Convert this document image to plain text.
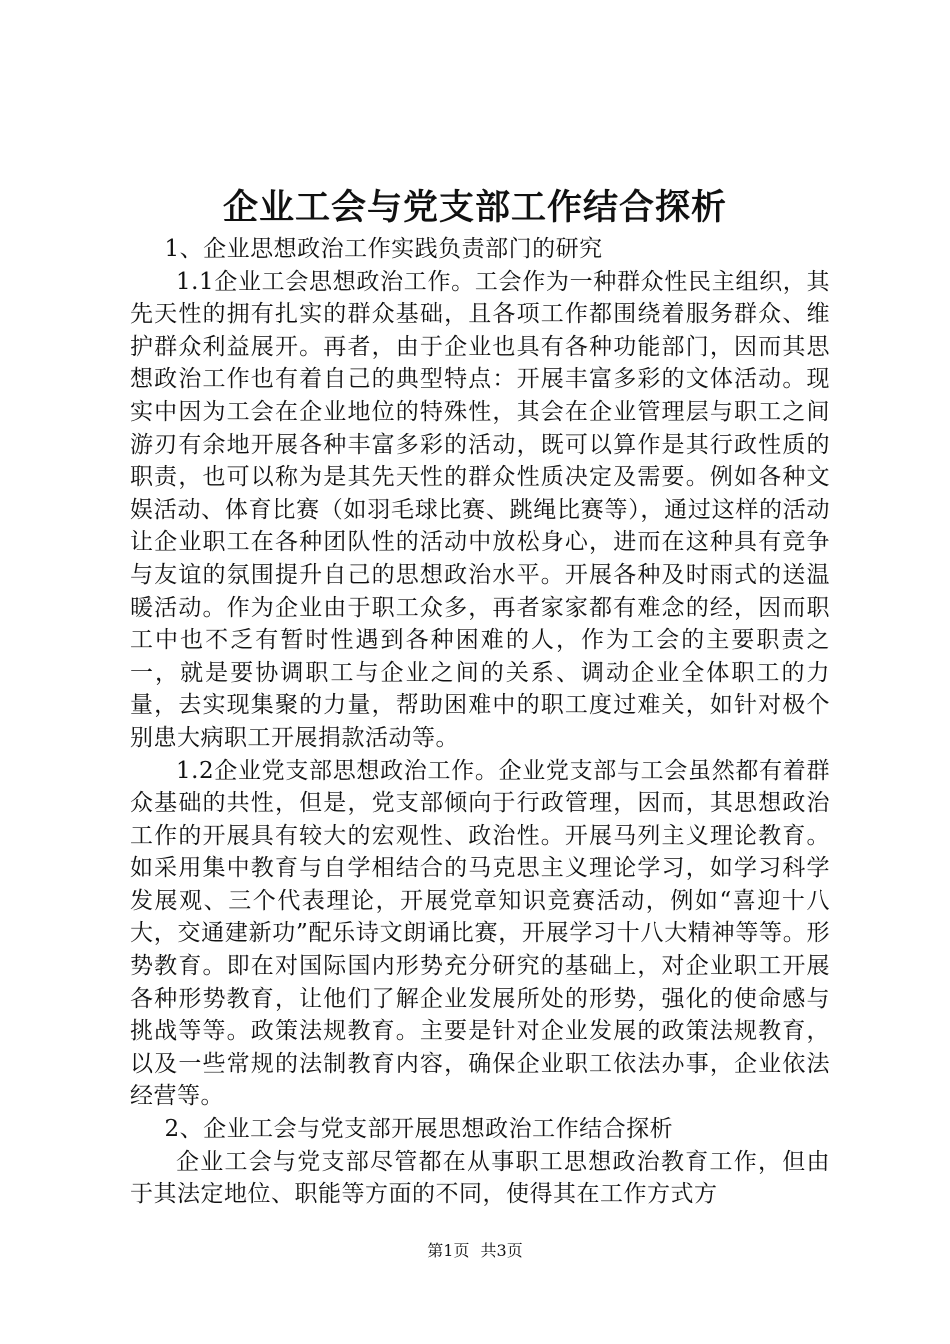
企业工会与党支部工作结合探析

1、企业思想政治工作实践负责部门的研究

1.1企业工会思想政治工作。工会作为一种群众性民主组织，其先天性的拥有扎实的群众基础，且各项工作都围绕着服务群众、维护群众利益展开。再者，由于企业也具有各种功能部门，因而其思想政治工作也有着自己的典型特点：开展丰富多彩的文体活动。现实中因为工会在企业地位的特殊性，其会在企业管理层与职工之间游刃有余地开展各种丰富多彩的活动，既可以算作是其行政性质的职责，也可以称为是其先天性的群众性质决定及需要。例如各种文娱活动、体育比赛（如羽毛球比赛、跳绳比赛等），通过这样的活动让企业职工在各种团队性的活动中放松身心，进而在这种具有竞争与友谊的氛围提升自己的思想政治水平。开展各种及时雨式的送温暖活动。作为企业由于职工众多，再者家家都有难念的经，因而职工中也不乏有暂时性遇到各种困难的人，作为工会的主要职责之一，就是要协调职工与企业之间的关系、调动企业全体职工的力量，去实现集聚的力量，帮助困难中的职工度过难关，如针对极个别患大病职工开展捐款活动等。

1.2企业党支部思想政治工作。企业党支部与工会虽然都有着群众基础的共性，但是，党支部倾向于行政管理，因而，其思想政治工作的开展具有较大的宏观性、政治性。开展马列主义理论教育。如采用集中教育与自学相结合的马克思主义理论学习，如学习科学发展观、三个代表理论，开展党章知识竞赛活动，例如“喜迎十八大，交通建新功”配乐诗文朗诵比赛，开展学习十八大精神等等。形势教育。即在对国际国内形势充分研究的基础上，对企业职工开展各种形势教育，让他们了解企业发展所处的形势，强化的使命感与挑战等等。政策法规教育。主要是针对企业发展的政策法规教育，以及一些常规的法制教育内容，确保企业职工依法办事，企业依法经营等。

2、企业工会与党支部开展思想政治工作结合探析

企业工会与党支部尽管都在从事职工思想政治教育工作，但由于其法定地位、职能等方面的不同，使得其在工作方式方

第1页 共3页
